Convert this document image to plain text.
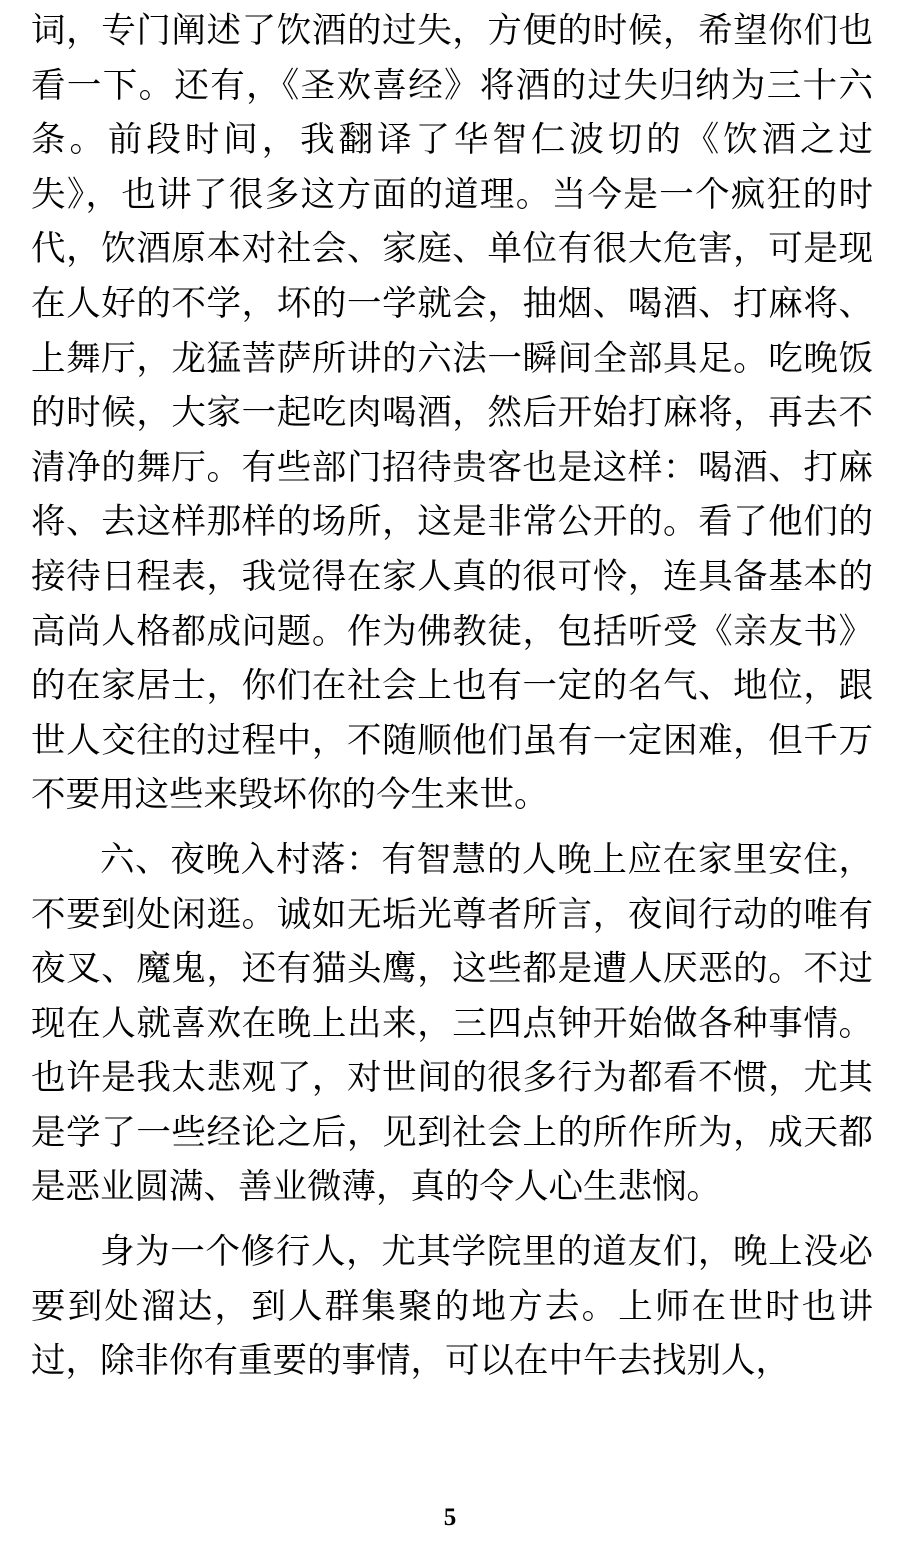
词，专门阐述了饮酒的过失，方便的时候，希望你们也看一下。还有，《圣欢喜经》将酒的过失归纳为三十六条。前段时间，我翻译了华智仁波切的《饮酒之过失》，也讲了很多这方面的道理。当今是一个疯狂的时代，饮酒原本对社会、家庭、单位有很大危害，可是现在人好的不学，坏的一学就会，抽烟、喝酒、打麻将、上舞厅，龙猛菩萨所讲的六法一瞬间全部具足。吃晚饭的时候，大家一起吃肉喝酒，然后开始打麻将，再去不清净的舞厅。有些部门招待贵客也是这样：喝酒、打麻将、去这样那样的场所，这是非常公开的。看了他们的接待日程表，我觉得在家人真的很可怜，连具备基本的高尚人格都成问题。作为佛教徒，包括听受《亲友书》的在家居士，你们在社会上也有一定的名气、地位，跟世人交往的过程中，不随顺他们虽有一定困难，但千万不要用这些来毁坏你的今生来世。

六、夜晚入村落：有智慧的人晚上应在家里安住，不要到处闲逛。诚如无垢光尊者所言，夜间行动的唯有夜叉、魔鬼，还有猫头鹰，这些都是遭人厌恶的。不过现在人就喜欢在晚上出来，三四点钟开始做各种事情。也许是我太悲观了，对世间的很多行为都看不惯，尤其是学了一些经论之后，见到社会上的所作所为，成天都是恶业圆满、善业微薄，真的令人心生悲悯。

身为一个修行人，尤其学院里的道友们，晚上没必要到处溜达，到人群集聚的地方去。上师在世时也讲过，除非你有重要的事情，可以在中午去找别人，

5
